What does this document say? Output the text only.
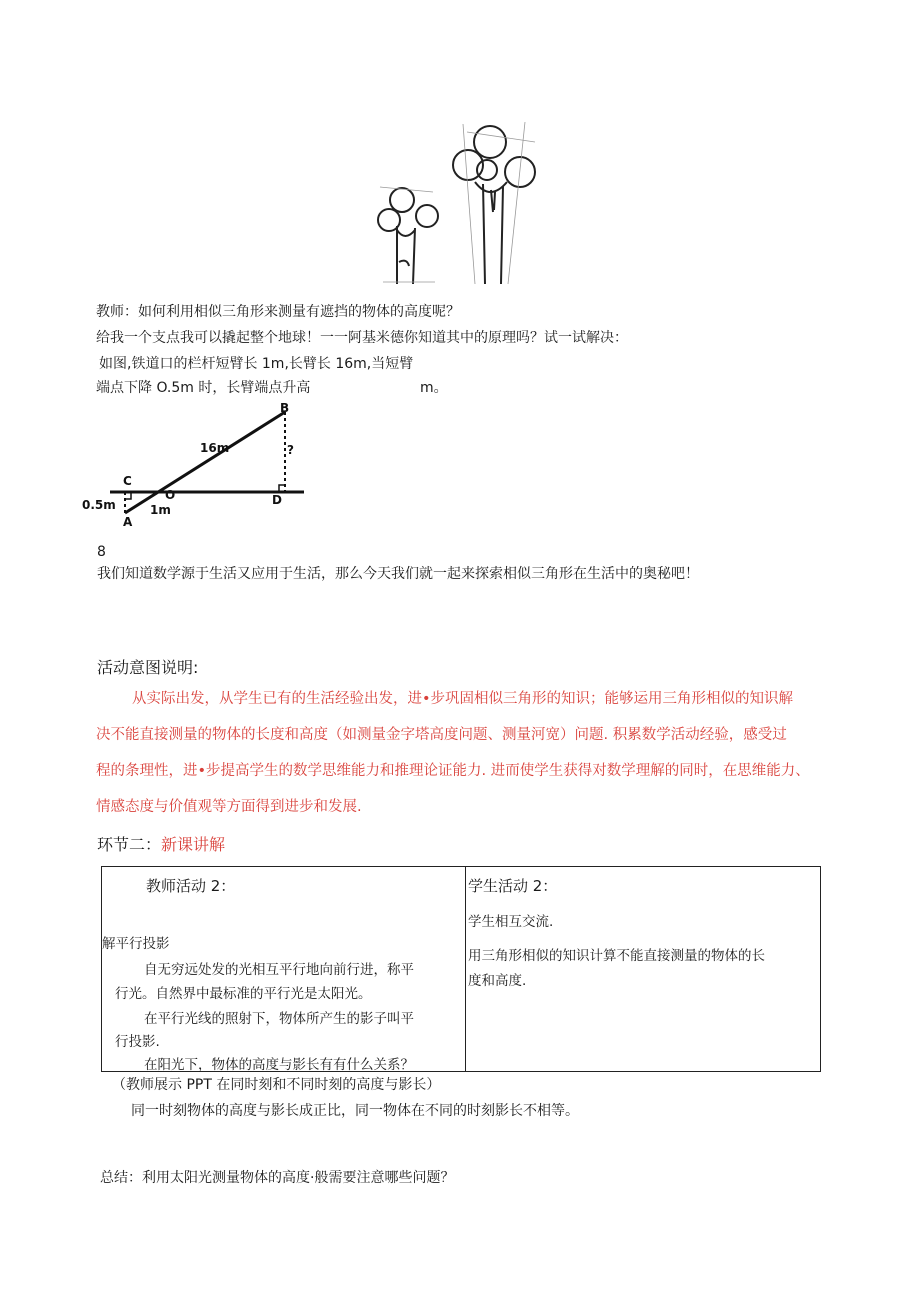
教师：如何利用相似三角形来测量有遮挡的物体的高度呢？
给我一个支点我可以撬起整个地球！一一阿基米德你知道其中的原理吗？试一试解决：
如图,铁道口的栏杆短臂长 1m,长臂长 16m,当短臂
端点下降 O.5m 时，长臂端点升高	m。
B
C
O	D
A
16m
1m
0.5m
?
8
我们知道数学源于生活又应用于生活，那么今天我们就一起来探索相似三角形在生活中的奥秘吧！
活动意图说明:
从实际出发，从学生已有的生活经验出发，进•步巩固相似三角形的知识；能够运用三角形相似的知识解
决不能直接测量的物体的长度和高度（如测量金字塔高度问题、测量河宽）问题. 积累数学活动经验，感受过
程的条理性，进•步提高学生的数学思维能力和推理论证能力. 进而使学生获得对数学理解的同时，在思维能力、
情感态度与价值观等方面得到进步和发展.
环节二：新课讲解
教师活动 2：
解平行投影
自无穷远处发的光相互平行地向前行进，称平
行光。自然界中最标准的平行光是太阳光。
在平行光线的照射下，物体所产生的影子叫平
行投影.
在阳光下，物体的高度与影长有有什么关系？

学生活动 2：
学生相互交流.
用三角形相似的知识计算不能直接测量的物体的长
度和高度.
（教师展示 PPT 在同时刻和不同时刻的高度与影长）
同一时刻物体的高度与影长成正比，同一物体在不同的时刻影长不相等。
总结：利用太阳光测量物体的高度·般需要注意哪些问题？
